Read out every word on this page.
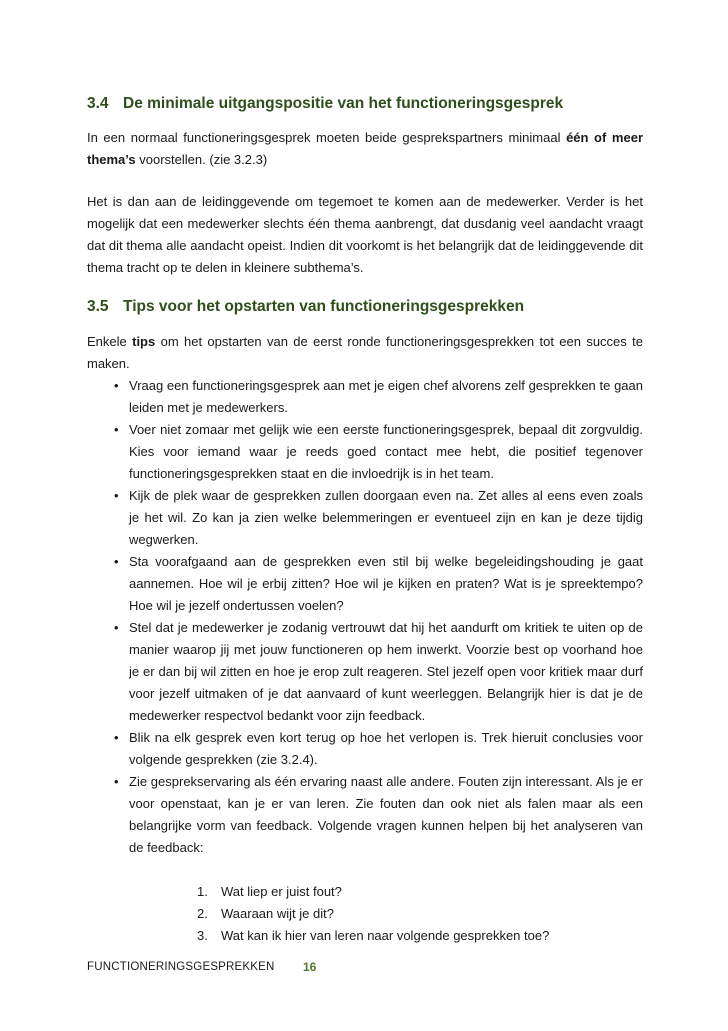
3.4 De minimale uitgangspositie van het functioneringsgesprek

In een normaal functioneringsgesprek moeten beide gesprekspartners minimaal één of meer thema’s voorstellen. (zie 3.2.3)

Het is dan aan de leidinggevende om tegemoet te komen aan de medewerker. Verder is het mogelijk dat een medewerker slechts één thema aanbrengt, dat dusdanig veel aandacht vraagt dat dit thema alle aandacht opeist. Indien dit voorkomt is het belangrijk dat de leidinggevende dit thema tracht op te delen in kleinere subthema’s.

3.5 Tips voor het opstarten van functioneringsgesprekken

Enkele tips om het opstarten van de eerst ronde functioneringsgesprekken tot een succes te maken.

• Vraag een functioneringsgesprek aan met je eigen chef alvorens zelf gesprekken te gaan leiden met je medewerkers.
• Voer niet zomaar met gelijk wie een eerste functioneringsgesprek, bepaal dit zorgvuldig. Kies voor iemand waar je reeds goed contact mee hebt, die positief tegenover functioneringsgesprekken staat en die invloedrijk is in het team.
• Kijk de plek waar de gesprekken zullen doorgaan even na. Zet alles al eens even zoals je het wil. Zo kan ja zien welke belemmeringen er eventueel zijn en kan je deze tijdig wegwerken.
• Sta voorafgaand aan de gesprekken even stil bij welke begeleidingshouding je gaat aannemen. Hoe wil je erbij zitten? Hoe wil je kijken en praten? Wat is je spreektempo? Hoe wil je jezelf ondertussen voelen?
• Stel dat je medewerker je zodanig vertrouwt dat hij het aandurft om kritiek te uiten op de manier waarop jij met jouw functioneren op hem inwerkt. Voorzie best op voorhand hoe je er dan bij wil zitten en hoe je erop zult reageren. Stel jezelf open voor kritiek maar durf voor jezelf uitmaken of je dat aanvaard of kunt weerleggen. Belangrijk hier is dat je de medewerker respectvol bedankt voor zijn feedback.
• Blik na elk gesprek even kort terug op hoe het verlopen is. Trek hieruit conclusies voor volgende gesprekken (zie 3.2.4).
• Zie gesprekservaring als één ervaring naast alle andere. Fouten zijn interessant. Als je er voor openstaat, kan je er van leren. Zie fouten dan ook niet als falen maar als een belangrijke vorm van feedback. Volgende vragen kunnen helpen bij het analyseren van de feedback:
1. Wat liep er juist fout?
2. Waaraan wijt je dit?
3. Wat kan ik hier van leren naar volgende gesprekken toe?
FUNCTIONERINGSGESPREKKEN 16
